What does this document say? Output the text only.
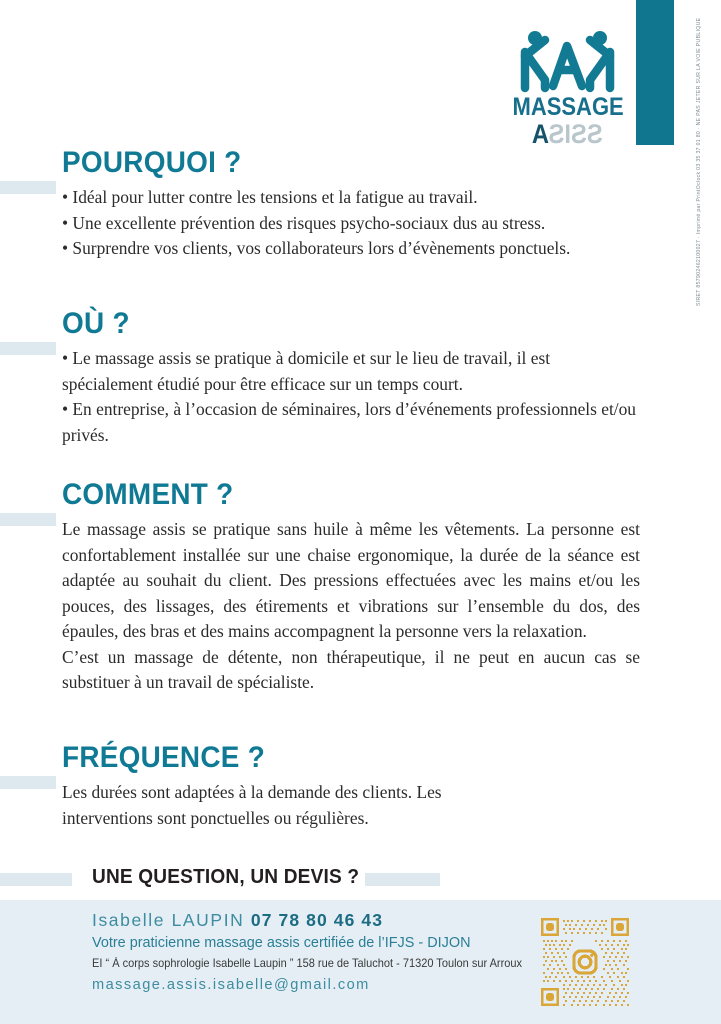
MASSAGE
ASSIS
POURQUOI ?

• Idéal pour lutter contre les tensions et la fatigue au travail.

• Une excellente prévention des risques psycho-sociaux dus au stress.

• Surprendre vos clients, vos collaborateurs lors d’évènements ponctuels.

OÙ ?

• Le massage assis se pratique à domicile et sur le lieu de travail, il est spécialement étudié pour être efficace sur un temps court.

• En entreprise, à l’occasion de séminaires, lors d’événements professionnels et/ou privés.

COMMENT ?

Le massage assis se pratique sans huile à même les vêtements. La personne est confortablement installée sur une chaise ergonomique, la durée de la séance est adaptée au souhait du client. Des pressions effectuées avec les mains et/ou les pouces, des lissages, des étirements et vibrations sur l’ensemble du dos, des épaules, des bras et des mains accompagnent la personne vers la relaxation.

C’est un massage de détente, non thérapeutique, il ne peut en aucun cas se substituer à un travail de spécialiste.

FRÉQUENCE ?

Les durées sont adaptées à la demande des clients. Les interventions sont ponctuelles ou régulières.

UNE QUESTION, UN DEVIS ?
Isabelle LAUPIN 07 78 80 46 43
Votre praticienne massage assis certifiée de l’IFJS - DIJON
EI “ À corps sophrologie Isabelle Laupin ” 158 rue de Taluchot - 71320 Toulon sur Arroux
massage.assis.isabelle@gmail.com
SIRET 857902462100027 · Imprimé par PrintOclock 03 35 37 01 80 · NE PAS JETER SUR LA VOIE PUBLIQUE
